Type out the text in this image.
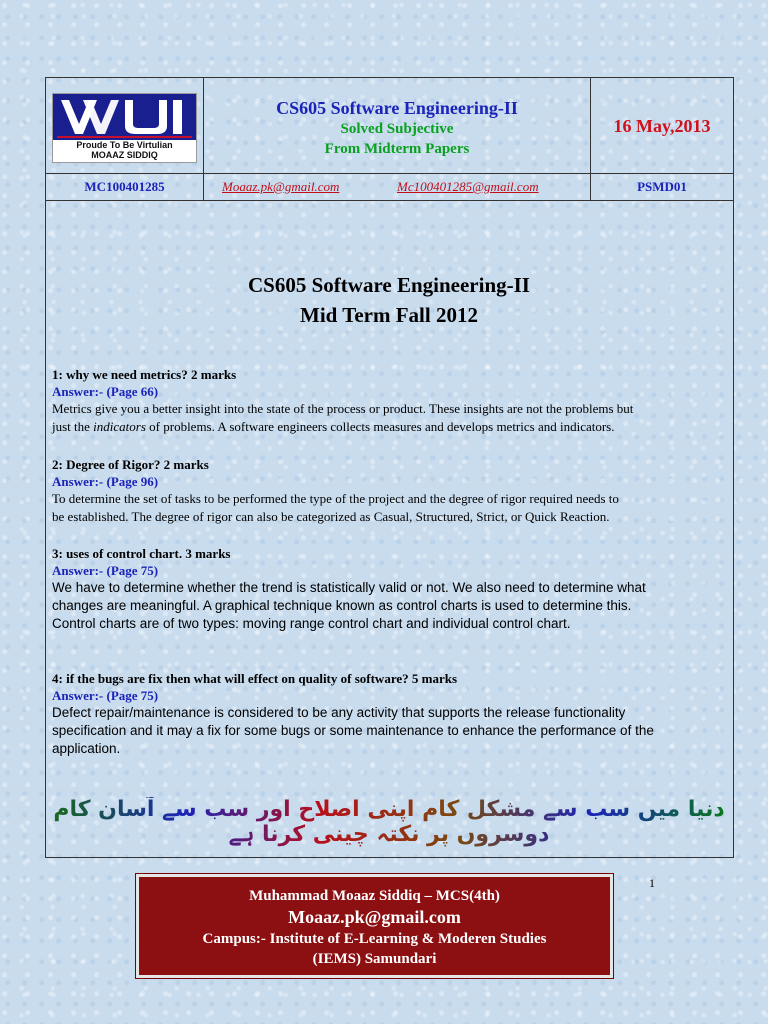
Proude To Be Virtulian
MOAAZ SIDDIQ
CS605 Software Engineering-II
Solved Subjective
From Midterm Papers
16 May,2013
MC100401285	Moaaz.pk@gmail.com	Mc100401285@gmail.com	PSMD01
CS605 Software Engineering-II
Mid Term Fall 2012
1: why we need metrics? 2 marks
Answer:- (Page 66)
Metrics give you a better insight into the state of the process or product. These insights are not the problems but
just the indicators of problems. A software engineers collects measures and develops metrics and indicators.
2: Degree of Rigor? 2 marks
Answer:- (Page 96)
To determine the set of tasks to be performed the type of the project and the degree of rigor required needs to
be established. The degree of rigor can also be categorized as Casual, Structured, Strict, or Quick Reaction.
3: uses of control chart. 3 marks
Answer:- (Page 75)
We have to determine whether the trend is statistically valid or not. We also need to determine what
changes are meaningful. A graphical technique known as control charts is used to determine this.
Control charts are of two types: moving range control chart and individual control chart.
4: if the bugs are fix then what will effect on quality of software? 5 marks
Answer:- (Page 75)
Defect repair/maintenance is considered to be any activity that supports the release functionality
specification and it may a fix for some bugs or some maintenance to enhance the performance of the
application.
دنیا میں سب سے مشکل کام اپنی اصلاح اور سب سے آسان کام دوسروں پر نکتہ چینی کرنا ہے
1
Muhammad Moaaz Siddiq – MCS(4th)
Moaaz.pk@gmail.com
Campus:- Institute of E-Learning & Moderen Studies
(IEMS) Samundari
